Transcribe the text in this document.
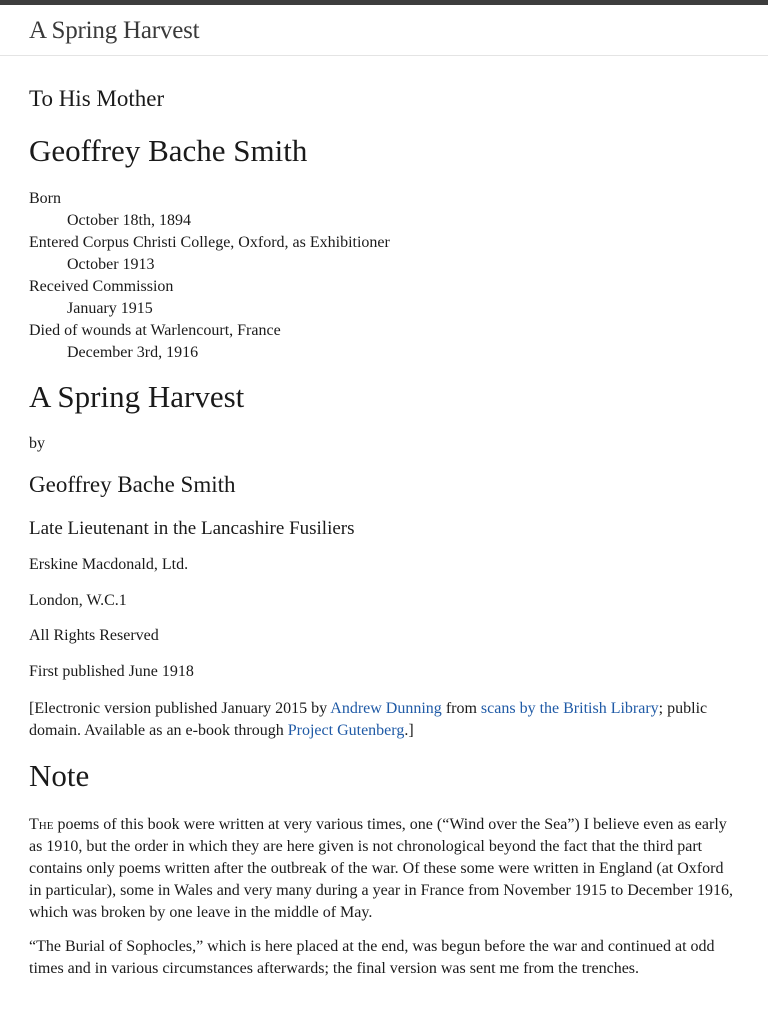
A Spring Harvest
To His Mother
Geoffrey Bache Smith
Born
October 18th, 1894
Entered Corpus Christi College, Oxford, as Exhibitioner
October 1913
Received Commission
January 1915
Died of wounds at Warlencourt, France
December 3rd, 1916
A Spring Harvest

by

Geoffrey Bache Smith
Late Lieutenant in the Lancashire Fusiliers

Erskine Macdonald, Ltd.

London, W.C.1

All Rights Reserved

First published June 1918

[Electronic version published January 2015 by Andrew Dunning from scans by the British Library; public domain. Available as an e-book through Project Gutenberg.]

Note

The poems of this book were written at very various times, one (“Wind over the Sea”) I believe even as early as 1910, but the order in which they are here given is not chronological beyond the fact that the third part contains only poems written after the outbreak of the war. Of these some were written in England (at Oxford in particular), some in Wales and very many during a year in France from November 1915 to December 1916, which was broken by one leave in the middle of May.

“The Burial of Sophocles,” which is here placed at the end, was begun before the war and continued at odd times and in various circumstances afterwards; the final version was sent me from the trenches.
